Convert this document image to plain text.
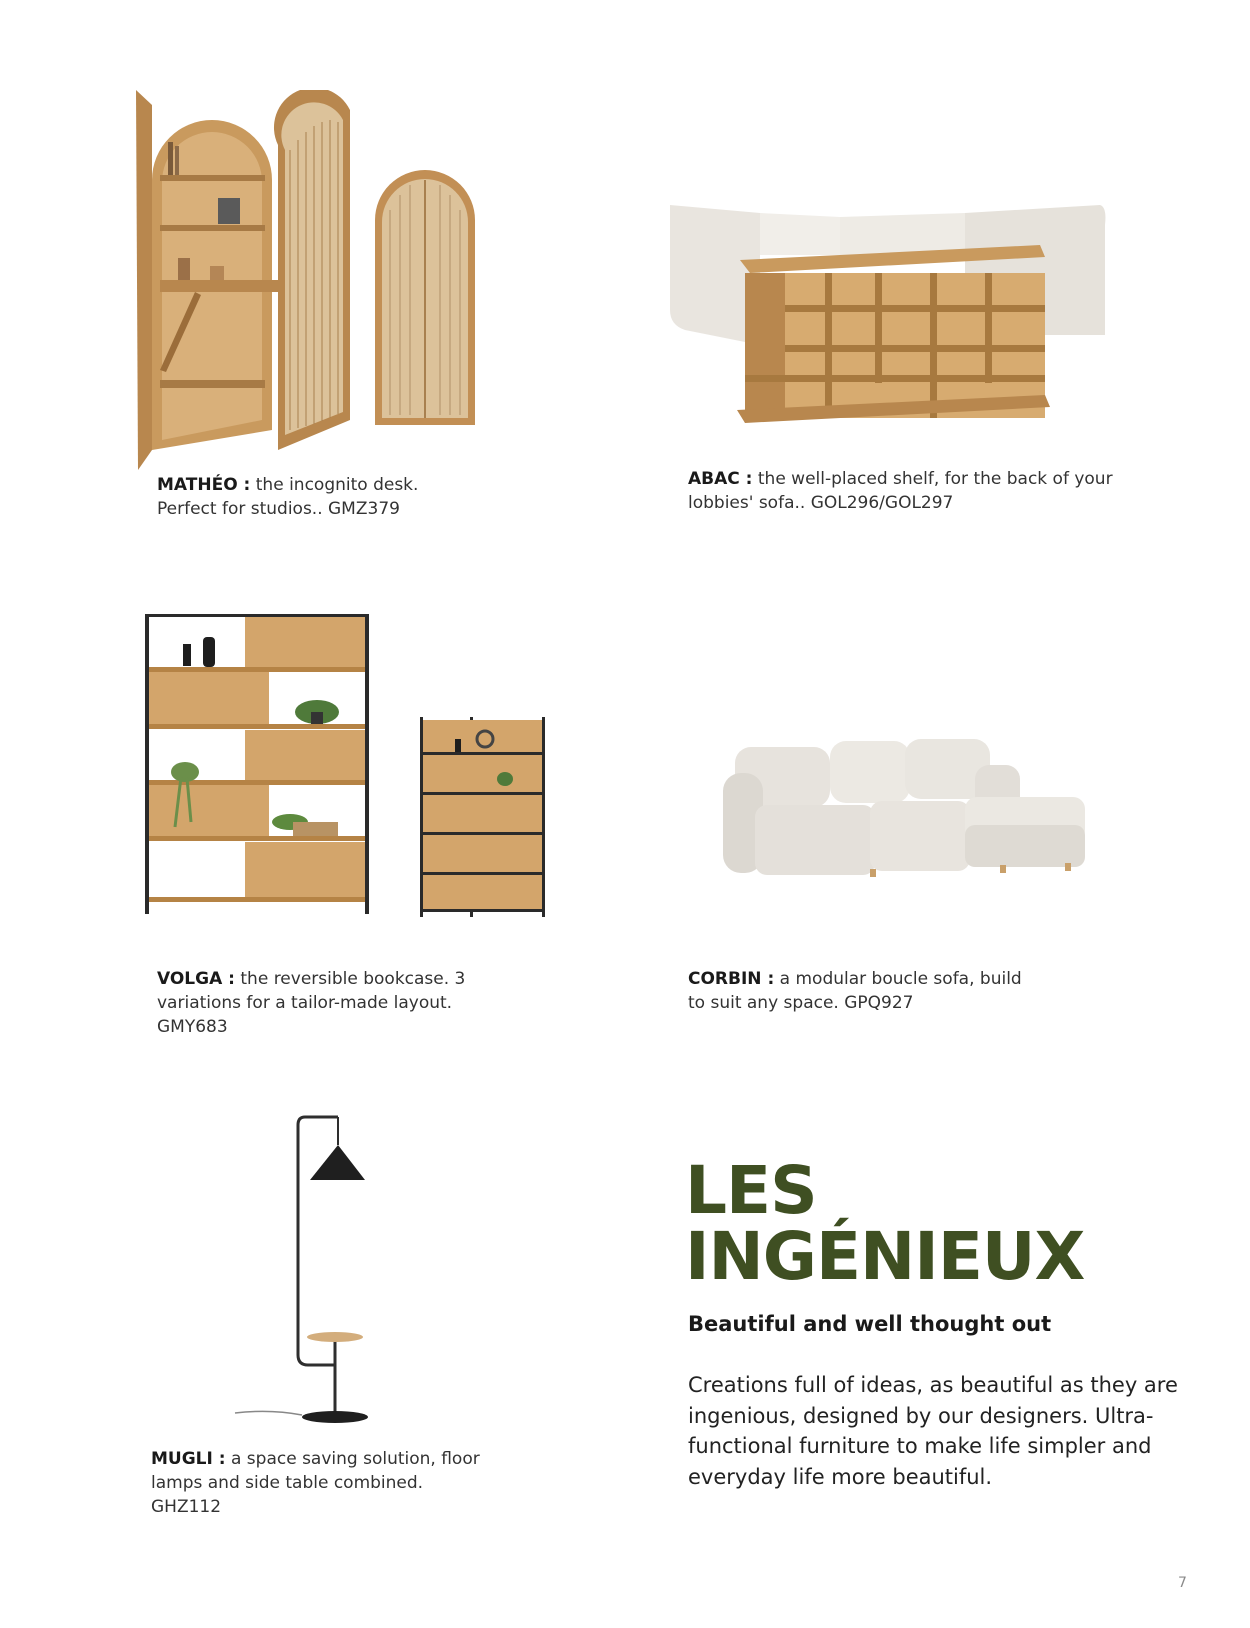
MATHÉO : the incognito desk.
Perfect for studios.. GMZ379
ABAC : the well-placed shelf, for the back of your
lobbies' sofa.. GOL296/GOL297
VOLGA : the reversible bookcase. 3
variations for a tailor-made layout.
GMY683
CORBIN : a modular boucle sofa, build
to suit any space. GPQ927
MUGLI : a space saving solution, floor
lamps and side table combined.
GHZ112
LES
INGÉNIEUX
Beautiful and well thought out

Creations full of ideas, as beautiful as they are ingenious, designed by our designers. Ultra-functional furniture to make life simpler and everyday life more beautiful.

7
